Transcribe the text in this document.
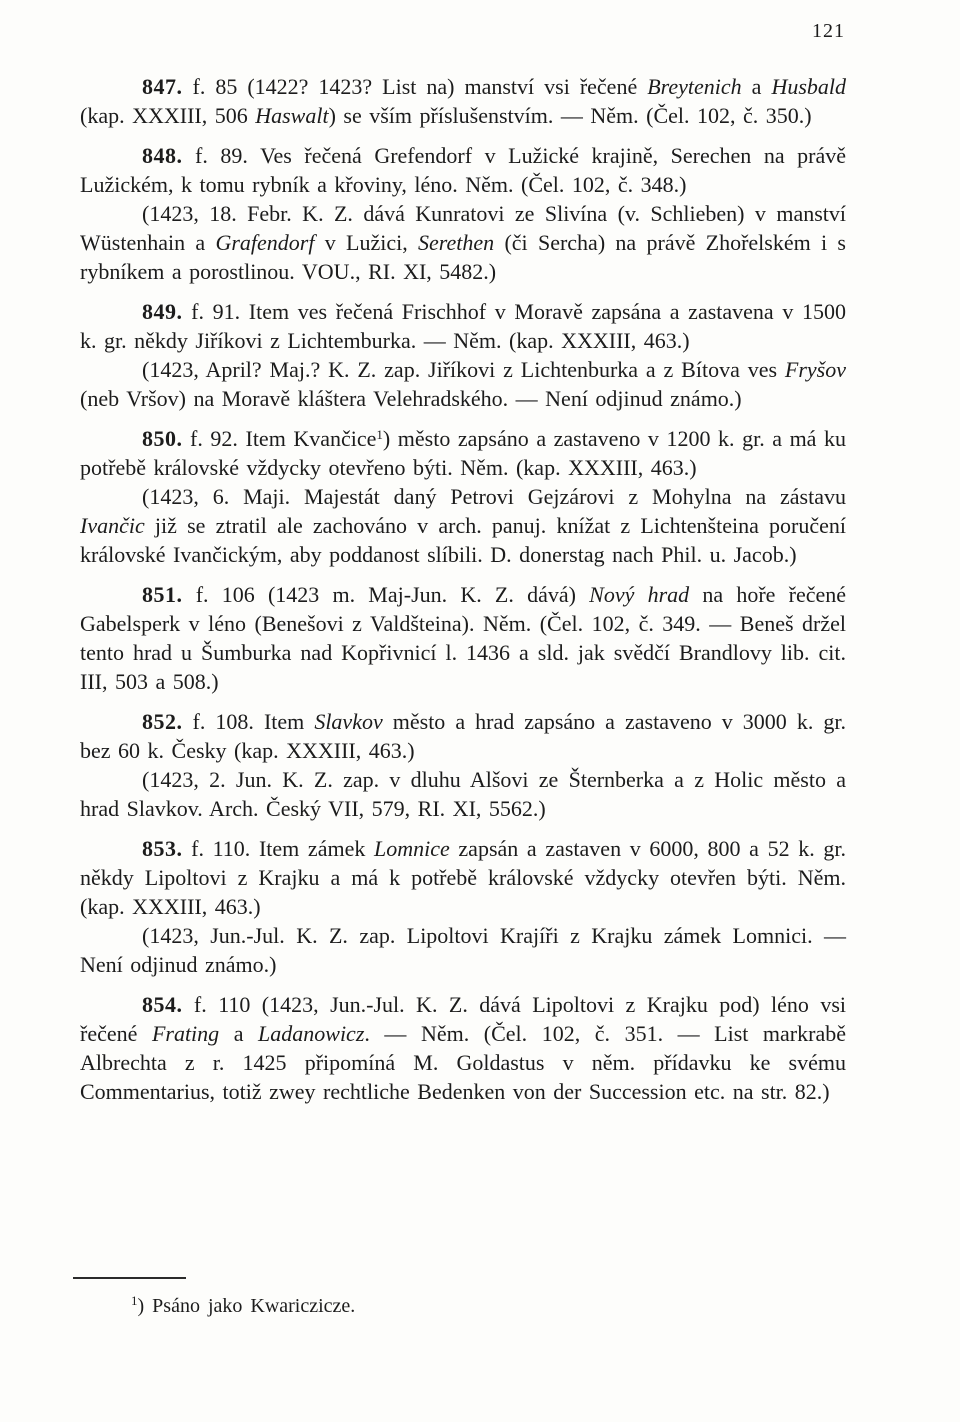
121

847. f. 85 (1422? 1423? List na) manství vsi řečené Breytenich a Husbald (kap. XXXIII, 506 Haswalt) se vším příslušenstvím. — Něm. (Čel. 102, č. 350.)

848. f. 89. Ves řečená Grefendorf v Lužické krajině, Serechen na právě Lužickém, k tomu rybník a křoviny, léno. Něm. (Čel. 102, č. 348.)

(1423, 18. Febr. K. Z. dává Kunratovi ze Slivína (v. Schlieben) v manství Wüstenhain a Grafendorf v Lužici, Serethen (či Sercha) na právě Zhořelském i s rybníkem a porostlinou. VOU., RI. XI, 5482.)

849. f. 91. Item ves řečená Frischhof v Moravě zapsána a zastavena v 1500 k. gr. někdy Jiříkovi z Lichtemburka. — Něm. (kap. XXXIII, 463.)

(1423, April? Maj.? K. Z. zap. Jiříkovi z Lichtenburka a z Bítova ves Fryšov (neb Vršov) na Moravě kláštera Velehradského. — Není odjinud známo.)

850. f. 92. Item Kvančice$^1$) město zapsáno a zastaveno v 1200 k. gr. a má ku potřebě královské vždycky otevřeno býti. Něm. (kap. XXXIII, 463.)

(1423, 6. Maji. Majestát daný Petrovi Gejzárovi z Mohylna na zástavu Ivančic již se ztratil ale zachováno v arch. panuj. knížat z Lichtenšteina poručení královské Ivančickým, aby poddanost slíbili. D. donerstag nach Phil. u. Jacob.)

851. f. 106 (1423 m. Maj-Jun. K. Z. dává) Nový hrad na hoře řečené Gabelsperk v léno (Benešovi z Valdšteina). Něm. (Čel. 102, č. 349. — Beneš držel tento hrad u Šumburka nad Kopřivnicí l. 1436 a sld. jak svědčí Brandlovy lib. cit. III, 503 a 508.)

852. f. 108. Item Slavkov město a hrad zapsáno a zastaveno v 3000 k. gr. bez 60 k. Česky (kap. XXXIII, 463.)

(1423, 2. Jun. K. Z. zap. v dluhu Alšovi ze Šternberka a z Holic město a hrad Slavkov. Arch. Český VII, 579, RI. XI, 5562.)

853. f. 110. Item zámek Lomnice zapsán a zastaven v 6000, 800 a 52 k. gr. někdy Lipoltovi z Krajku a má k potřebě královské vždycky otevřen býti. Něm. (kap. XXXIII, 463.)

(1423, Jun.-Jul. K. Z. zap. Lipoltovi Krajíři z Krajku zámek Lomnici. — Není odjinud známo.)

854. f. 110 (1423, Jun.-Jul. K. Z. dává Lipoltovi z Krajku pod) léno vsi řečené Frating a Ladanowicz. — Něm. (Čel. 102, č. 351. — List markrabě Albrechta z r. 1425 připomíná M. Goldastus v něm. přídavku ke svému Commentarius, totiž zwey rechtliche Bedenken von der Succession etc. na str. 82.)

$^1$) Psáno jako Kwariczicze.
